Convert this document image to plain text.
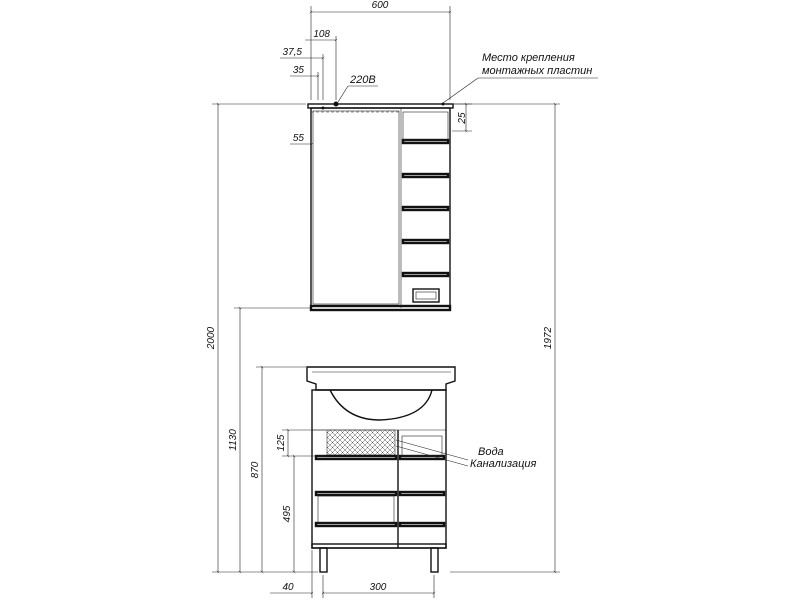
600
108
37,5
35
55
220В
Место крепления
монтажных пластин
Вода
Канализация
25
1972
2000
1130
870
125
495
40	300
